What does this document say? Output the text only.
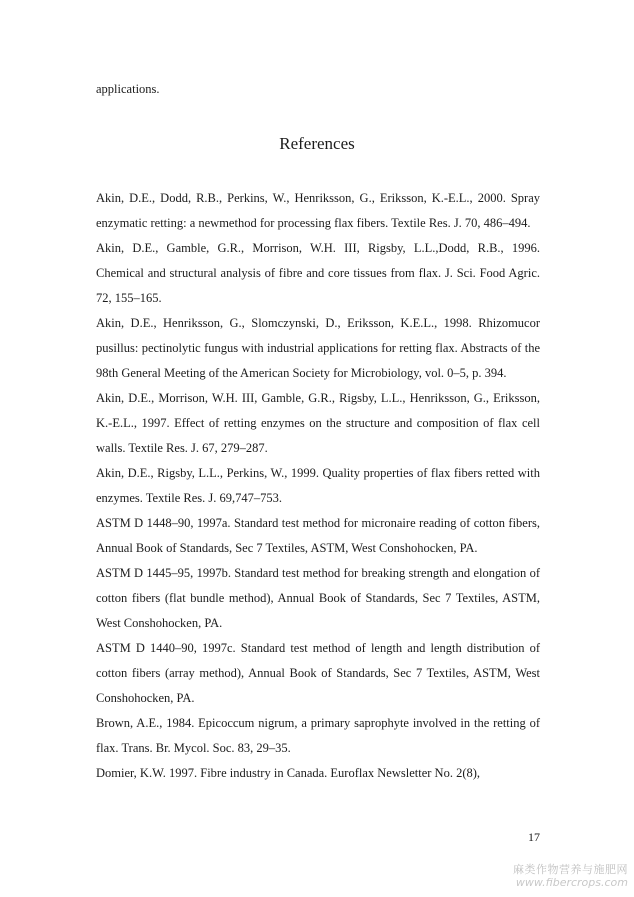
applications.
References

Akin, D.E., Dodd, R.B., Perkins, W., Henriksson, G., Eriksson, K.-E.L., 2000. Spray enzymatic retting: a newmethod for processing flax fibers. Textile Res. J. 70, 486–494.

Akin, D.E., Gamble, G.R., Morrison, W.H. III, Rigsby, L.L.,Dodd, R.B., 1996. Chemical and structural analysis of fibre and core tissues from flax. J. Sci. Food Agric. 72, 155–165.

Akin, D.E., Henriksson, G., Slomczynski, D., Eriksson, K.E.L., 1998. Rhizomucor pusillus: pectinolytic fungus with industrial applications for retting flax. Abstracts of the 98th General Meeting of the American Society for Microbiology, vol. 0–5, p. 394.

Akin, D.E., Morrison, W.H. III, Gamble, G.R., Rigsby, L.L., Henriksson, G., Eriksson, K.-E.L., 1997. Effect of retting enzymes on the structure and composition of flax cell walls. Textile Res. J. 67, 279–287.

Akin, D.E., Rigsby, L.L., Perkins, W., 1999. Quality properties of flax fibers retted with enzymes. Textile Res. J. 69,747–753.

ASTM D 1448–90, 1997a. Standard test method for micronaire reading of cotton fibers, Annual Book of Standards, Sec 7 Textiles, ASTM, West Conshohocken, PA.

ASTM D 1445–95, 1997b. Standard test method for breaking strength and elongation of cotton fibers (flat bundle method), Annual Book of Standards, Sec 7 Textiles, ASTM, West Conshohocken, PA.

ASTM D 1440–90, 1997c. Standard test method of length and length distribution of cotton fibers (array method), Annual Book of Standards, Sec 7 Textiles, ASTM, West Conshohocken, PA.

Brown, A.E., 1984. Epicoccum nigrum, a primary saprophyte involved in the retting of flax. Trans. Br. Mycol. Soc. 83, 29–35.

Domier, K.W. 1997. Fibre industry in Canada. Euroflax Newsletter No. 2(8),

17
麻类作物营养与施肥网
www.fibercrops.com
